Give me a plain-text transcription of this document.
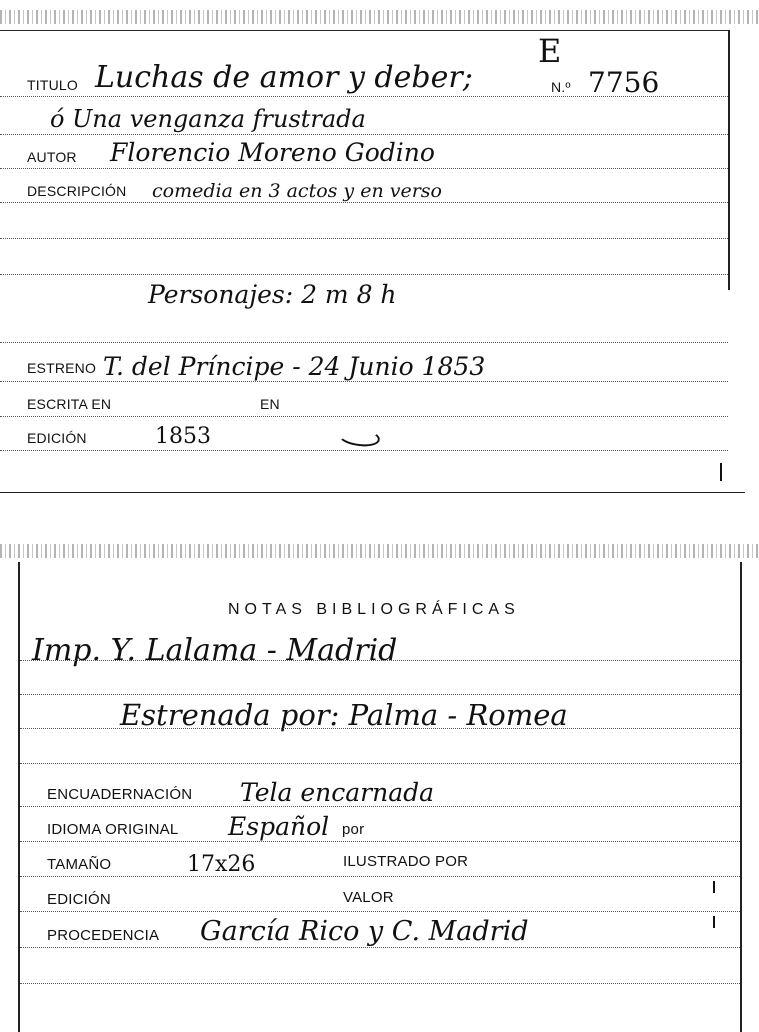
TITULO Luchas de amor y deber;
E
N.º 7756
ó Una venganza frustrada
AUTOR Florencio Moreno Godino
DESCRIPCIÓN comedia en 3 actos y en verso
Personajes: 2 m 8 h
ESTRENO T. del Príncipe - 24 Junio 1853
ESCRITA EN	EN
EDICIÓN	1853
NOTAS BIBLIOGRÁFICAS
Imp. Y. Lalama - Madrid
Estrenada por: Palma - Romea
ENCUADERNACIÓN Tela encarnada
IDIOMA ORIGINAL Español por
TAMAÑO	17x26	ILUSTRADO POR
EDICIÓN	VALOR
PROCEDENCIA García Rico y C. Madrid
